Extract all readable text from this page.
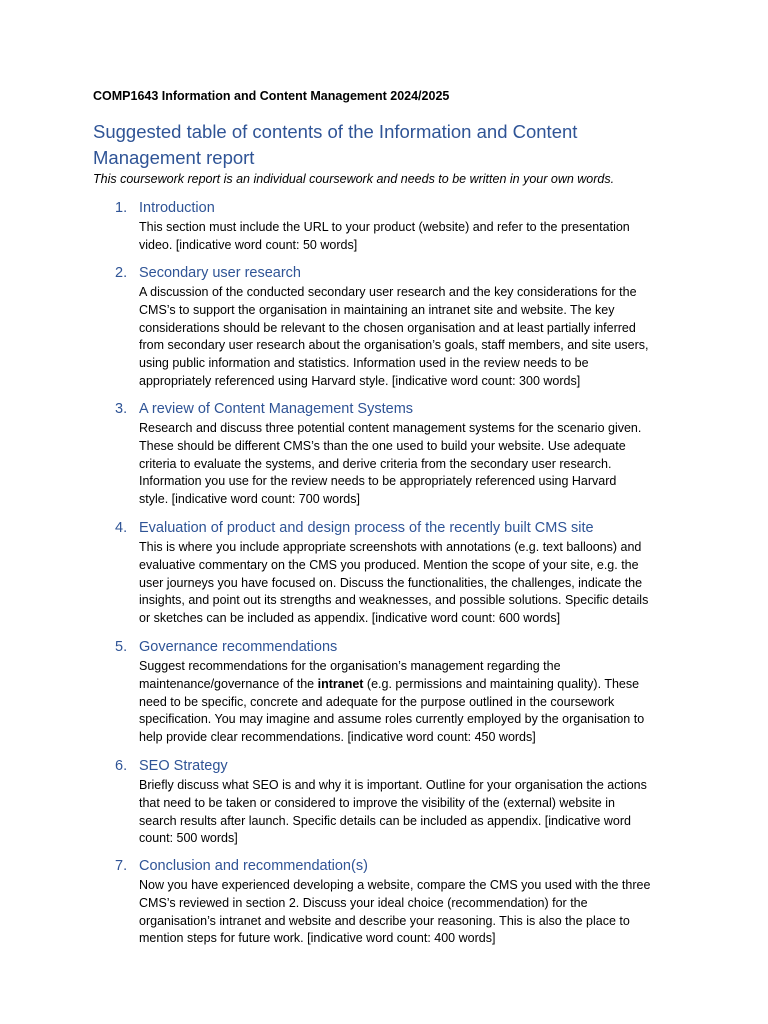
COMP1643 Information and Content Management 2024/2025
Suggested table of contents of the Information and Content Management report
This coursework report is an individual coursework and needs to be written in your own words.
1. Introduction
This section must include the URL to your product (website) and refer to the presentation
video. [indicative word count: 50 words]
2. Secondary user research
A discussion of the conducted secondary user research and the key considerations for the
CMS’s to support the organisation in maintaining an intranet site and website. The key
considerations should be relevant to the chosen organisation and at least partially inferred
from secondary user research about the organisation’s goals, staff members, and site users,
using public information and statistics. Information used in the review needs to be
appropriately referenced using Harvard style. [indicative word count: 300 words]
3. A review of Content Management Systems
Research and discuss three potential content management systems for the scenario given.
These should be different CMS’s than the one used to build your website. Use adequate
criteria to evaluate the systems, and derive criteria from the secondary user research.
Information you use for the review needs to be appropriately referenced using Harvard
style. [indicative word count: 700 words]
4. Evaluation of product and design process of the recently built CMS site
This is where you include appropriate screenshots with annotations (e.g. text balloons) and
evaluative commentary on the CMS you produced. Mention the scope of your site, e.g. the
user journeys you have focused on. Discuss the functionalities, the challenges, indicate the
insights, and point out its strengths and weaknesses, and possible solutions. Specific details
or sketches can be included as appendix. [indicative word count: 600 words]
5. Governance recommendations
Suggest recommendations for the organisation’s management regarding the
maintenance/governance of the intranet (e.g. permissions and maintaining quality). These
need to be specific, concrete and adequate for the purpose outlined in the coursework
specification. You may imagine and assume roles currently employed by the organisation to
help provide clear recommendations. [indicative word count: 450 words]
6. SEO Strategy
Briefly discuss what SEO is and why it is important. Outline for your organisation the actions
that need to be taken or considered to improve the visibility of the (external) website in
search results after launch. Specific details can be included as appendix. [indicative word
count: 500 words]
7. Conclusion and recommendation(s)
Now you have experienced developing a website, compare the CMS you used with the three
CMS’s reviewed in section 2. Discuss your ideal choice (recommendation) for the
organisation’s intranet and website and describe your reasoning. This is also the place to
mention steps for future work. [indicative word count: 400 words]
